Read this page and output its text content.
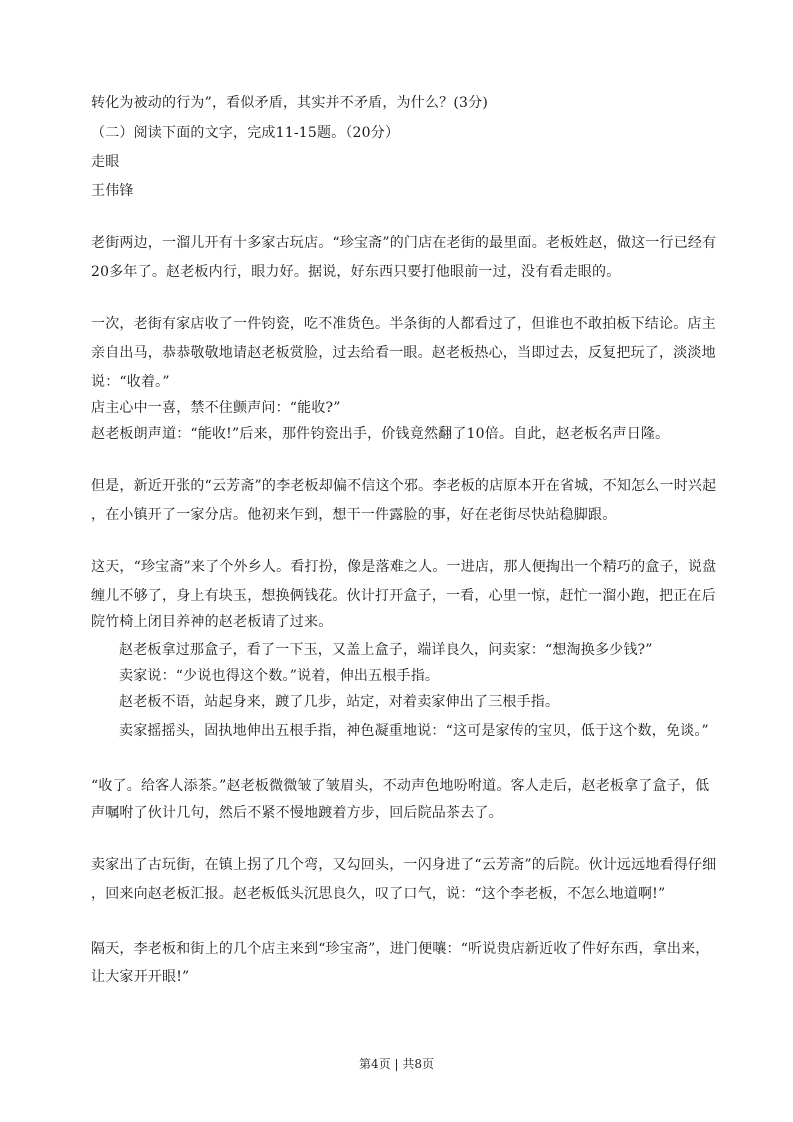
转化为被动的行为”，看似矛盾，其实并不矛盾，为什么？(3分)
（二）阅读下面的文字，完成11-15题。（20分）
走眼
王伟锋
老街两边，一溜儿开有十多家古玩店。“珍宝斋”的门店在老街的最里面。老板姓赵，做这一行已经有
20多年了。赵老板内行，眼力好。据说，好东西只要打他眼前一过，没有看走眼的。
一次，老街有家店收了一件钧瓷，吃不准货色。半条街的人都看过了，但谁也不敢拍板下结论。店主
亲自出马，恭恭敬敬地请赵老板赏脸，过去给看一眼。赵老板热心，当即过去，反复把玩了，淡淡地
说：“收着。”
店主心中一喜，禁不住颤声问：“能收?”
赵老板朗声道：“能收!”后来，那件钧瓷出手，价钱竟然翻了10倍。自此，赵老板名声日隆。
但是，新近开张的“云芳斋”的李老板却偏不信这个邪。李老板的店原本开在省城，不知怎么一时兴起
，在小镇开了一家分店。他初来乍到，想干一件露脸的事，好在老街尽快站稳脚跟。
这天，“珍宝斋”来了个外乡人。看打扮，像是落难之人。一进店，那人便掏出一个精巧的盒子，说盘
缠儿不够了，身上有块玉，想换俩钱花。伙计打开盒子，一看，心里一惊，赶忙一溜小跑，把正在后
院竹椅上闭目养神的赵老板请了过来。
赵老板拿过那盒子，看了一下玉，又盖上盒子，端详良久，问卖家：“想淘换多少钱?”
卖家说：“少说也得这个数。”说着，伸出五根手指。
赵老板不语，站起身来，踱了几步，站定，对着卖家伸出了三根手指。
卖家摇摇头，固执地伸出五根手指，神色凝重地说：“这可是家传的宝贝，低于这个数，免谈。”
“收了。给客人添茶。”赵老板微微皱了皱眉头，不动声色地吩咐道。客人走后，赵老板拿了盒子，低
声嘱咐了伙计几句，然后不紧不慢地踱着方步，回后院品茶去了。
卖家出了古玩街，在镇上拐了几个弯，又勾回头，一闪身进了“云芳斋”的后院。伙计远远地看得仔细
，回来向赵老板汇报。赵老板低头沉思良久，叹了口气，说：“这个李老板，不怎么地道啊!”
隔天，李老板和街上的几个店主来到“珍宝斋”，进门便嚷：“听说贵店新近收了件好东西，拿出来，
让大家开开眼!”
第4页 | 共8页
